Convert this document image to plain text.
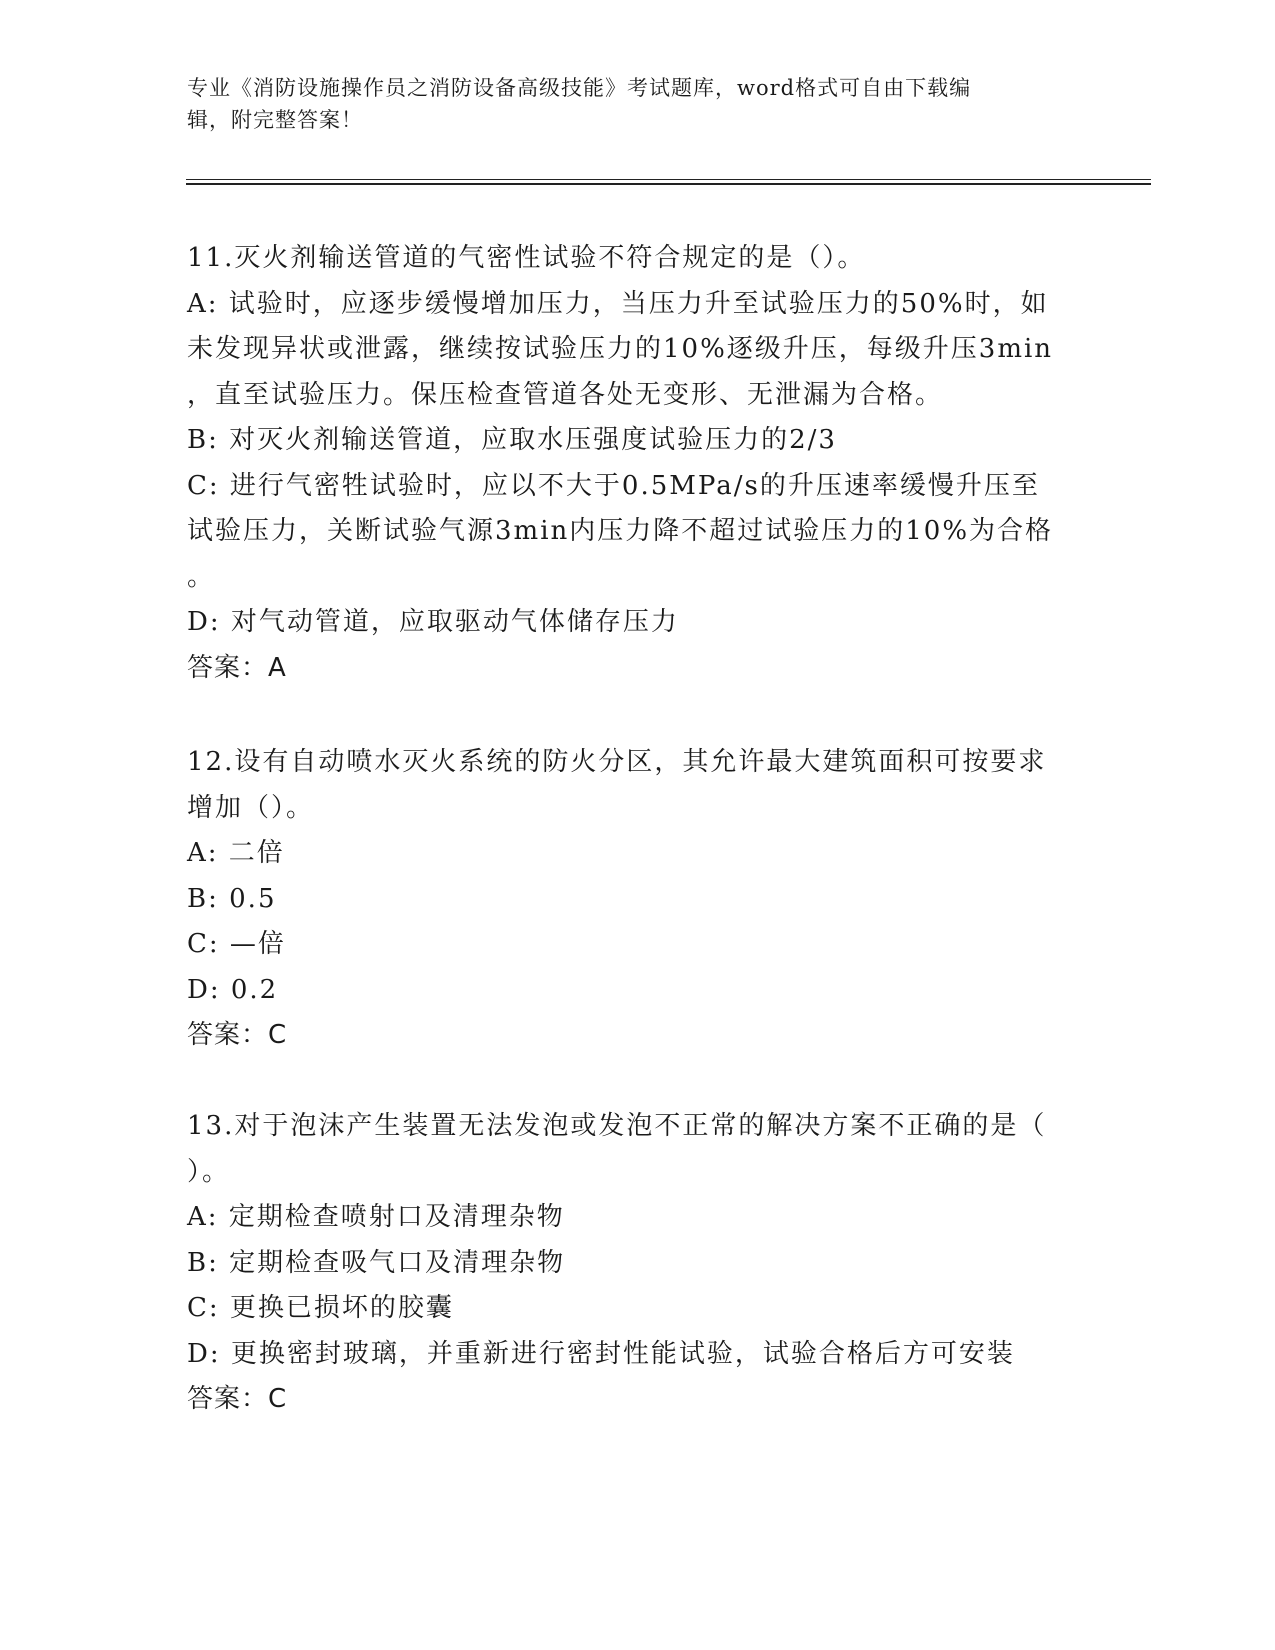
专业《消防设施操作员之消防设备高级技能》考试题库，word格式可自由下载编
辑，附完整答案！
11.灭火剂输送管道的气密性试验不符合规定的是（）。
A: 试验时，应逐步缓慢增加压力，当压力升至试验压力的50%时，如
未发现异状或泄露，继续按试验压力的10%逐级升压，每级升压3min
，直至试验压力。保压检查管道各处无变形、无泄漏为合格。
B: 对灭火剂输送管道，应取水压强度试验压力的2/3
C: 进行气密牲试验时，应以不大于0.5MPa/s的升压速率缓慢升压至
试验压力，关断试验气源3min内压力降不超过试验压力的10%为合格
。
D: 对气动管道，应取驱动气体储存压力
答案：A
12.设有自动喷水灭火系统的防火分区，其允许最大建筑面积可按要求
增加（）。
A: 二倍
B: 0.5
C: —倍
D: 0.2
答案：C
13.对于泡沫产生装置无法发泡或发泡不正常的解决方案不正确的是（
）。
A: 定期检查喷射口及清理杂物
B: 定期检查吸气口及清理杂物
C: 更换已损坏的胶囊
D: 更换密封玻璃，并重新进行密封性能试验，试验合格后方可安装
答案：C
